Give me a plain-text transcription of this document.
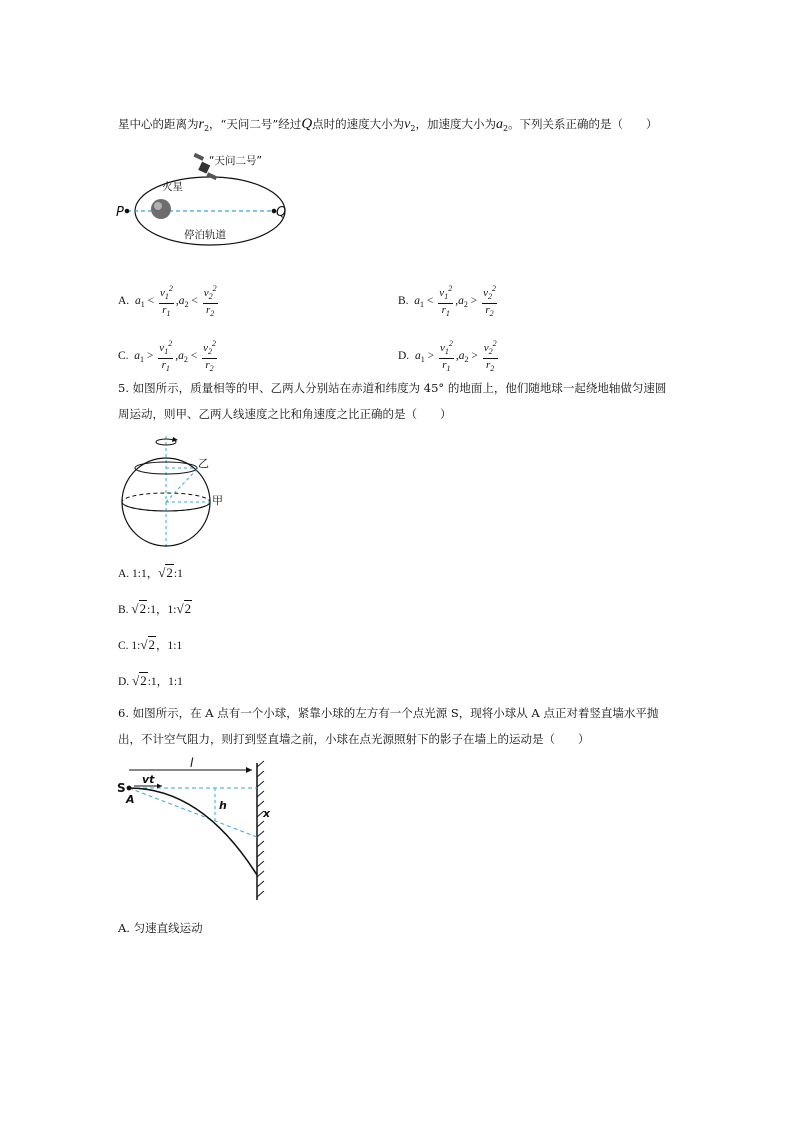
星中心的距离为$r_2$，“天问二号”经过Q点时的速度大小为$v_2$，加速度大小为$a_2$。下列关系正确的是（　　）
“天问二号”
火星
停泊轨道
P	Q
A. $a_1 < \frac{v_1^2}{r_1} ,a_2 < \frac{v_2^2}{r_2}$	B. $a_1 < \frac{v_1^2}{r_1} ,a_2 > \frac{v_2^2}{r_2}$
C. $a_1 > \frac{v_1^2}{r_1} ,a_2 < \frac{v_2^2}{r_2}$	D. $a_1 > \frac{v_1^2}{r_1} ,a_2 > \frac{v_2^2}{r_2}$
5. 如图所示，质量相等的甲、乙两人分别站在赤道和纬度为 45° 的地面上，他们随地球一起绕地轴做匀速圆
周运动，则甲、乙两人线速度之比和角速度之比正确的是（　　）
乙
甲
A. 1:1，√2:1
B. √2:1，1:√2
C. 1:√2，1:1
D. √2:1，1:1
6. 如图所示，在 A 点有一个小球，紧靠小球的左方有一个点光源 S，现将小球从 A 点正对着竖直墙水平抛
出，不计空气阻力，则打到竖直墙之前，小球在点光源照射下的影子在墙上的运动是（　　）
S
A
vt
l
h
x
A. 匀速直线运动
